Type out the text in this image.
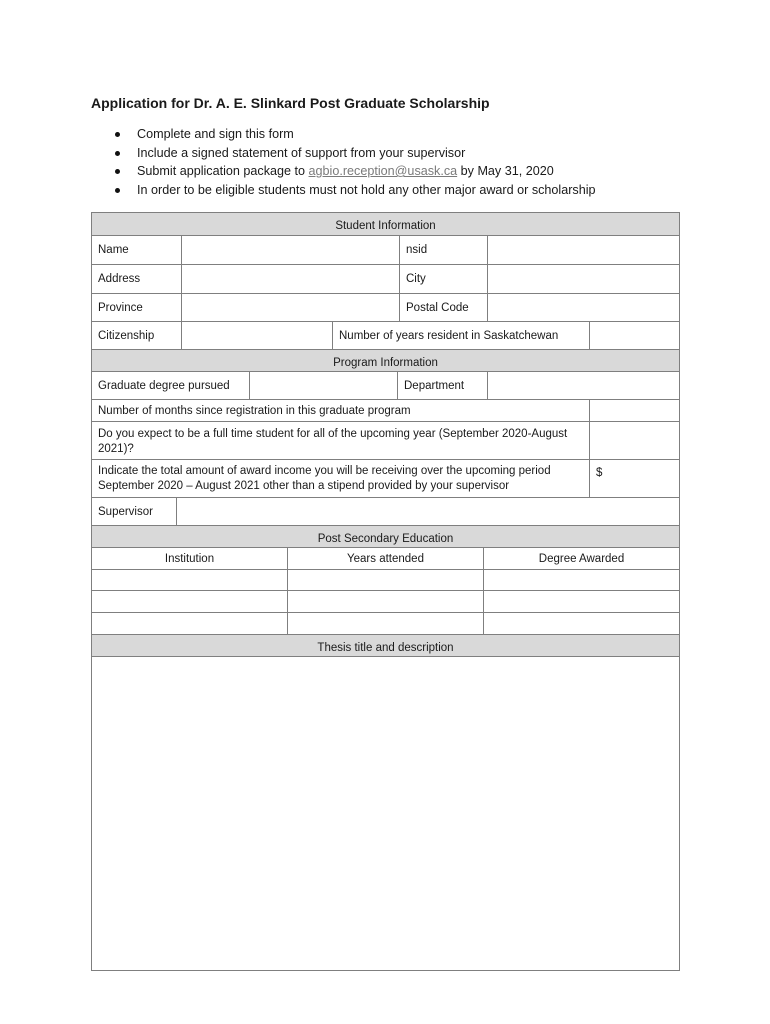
Application for Dr. A. E. Slinkard Post Graduate Scholarship
Complete and sign this form
Include a signed statement of support from your supervisor
Submit application package to agbio.reception@usask.ca by May 31, 2020
In order to be eligible students must not hold any other major award or scholarship
Student Information
Name	nsid
Address	City
Province	Postal Code
Citizenship	Number of years resident in Saskatchewan
Program Information
Graduate degree pursued	Department
Number of months since registration in this graduate program
Do you expect to be a full time student for all of the upcoming year (September 2020-August 2021)?
Indicate the total amount of award income you will be receiving over the upcoming period September 2020 – August 2021 other than a stipend provided by your supervisor
$
Supervisor
Post Secondary Education
Institution	Years attended	Degree Awarded
Thesis title and description
